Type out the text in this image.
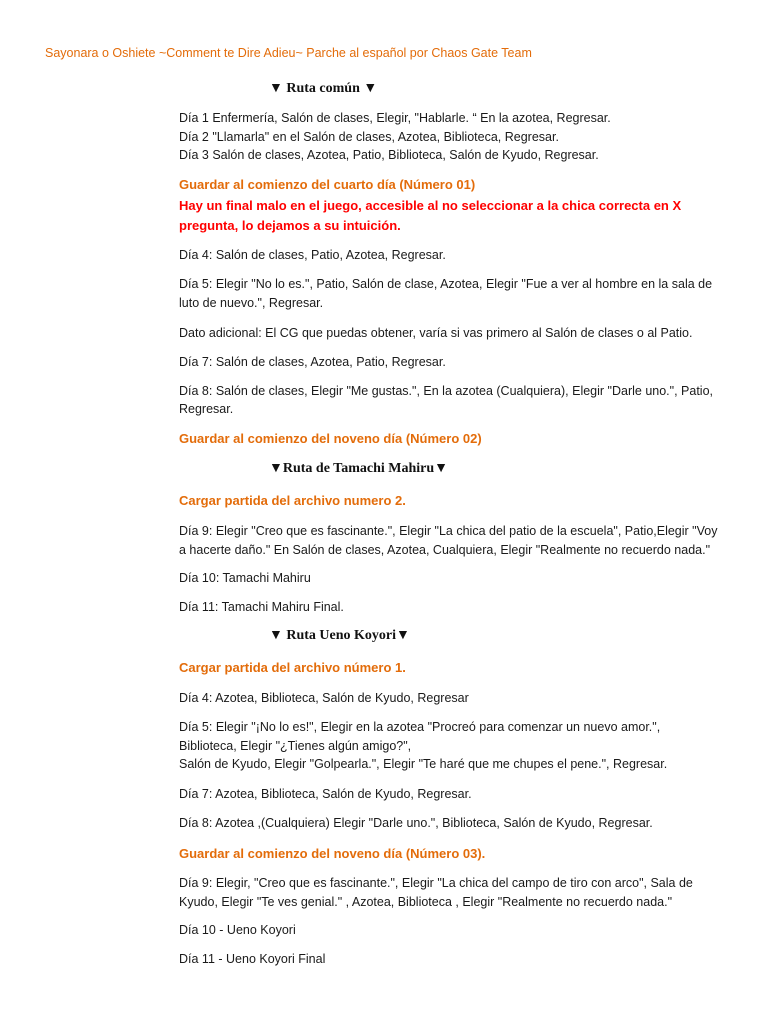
Sayonara o Oshiete ~Comment te Dire Adieu~ Parche al español por Chaos Gate Team
▼ Ruta común ▼
▼Ruta de Tamachi Mahiru▼
▼ Ruta Ueno Koyori▼
Día 1 Enfermería, Salón de clases, Elegir, "Hablarle. “ En la azotea, Regresar.
Día 2 "Llamarla" en el Salón de clases, Azotea, Biblioteca, Regresar.
Día 3 Salón de clases, Azotea, Patio, Biblioteca, Salón de Kyudo, Regresar.
Guardar al comienzo del cuarto día (Número 01)
Hay un final malo en el juego, accesible al no seleccionar a la chica correcta en X
pregunta, lo dejamos a su intuición.
Día 4: Salón de clases, Patio, Azotea, Regresar.
Día 5: Elegir "No lo es.", Patio, Salón de clase, Azotea, Elegir "Fue a ver al hombre en la sala de
luto de nuevo.", Regresar.
Dato adicional: El CG que puedas obtener, varía si vas primero al Salón de clases o al Patio.
Día 7: Salón de clases, Azotea, Patio, Regresar.
Día 8: Salón de clases, Elegir "Me gustas.", En la azotea (Cualquiera), Elegir "Darle uno.", Patio,
Regresar.
Guardar al comienzo del noveno día (Número 02)
Cargar partida del archivo numero 2.
Día 9: Elegir "Creo que es fascinante.", Elegir "La chica del patio de la escuela", Patio,Elegir "Voy
a hacerte daño." En Salón de clases, Azotea, Cualquiera, Elegir "Realmente no recuerdo nada."
Día 10: Tamachi Mahiru
Día 11: Tamachi Mahiru Final.
Cargar partida del archivo número 1.
Día 4: Azotea, Biblioteca, Salón de Kyudo, Regresar
Día 5: Elegir "¡No lo es!", Elegir en la azotea "Procreó para comenzar un nuevo amor.",
Biblioteca, Elegir "¿Tienes algún amigo?",
Salón de Kyudo, Elegir "Golpearla.", Elegir "Te haré que me chupes el pene.", Regresar.
Día 7: Azotea, Biblioteca, Salón de Kyudo, Regresar.
Día 8: Azotea ,(Cualquiera) Elegir "Darle uno.", Biblioteca, Salón de Kyudo, Regresar.
Guardar al comienzo del noveno día (Número 03).
Día 9: Elegir, "Creo que es fascinante.", Elegir "La chica del campo de tiro con arco", Sala de
Kyudo, Elegir "Te ves genial." , Azotea, Biblioteca , Elegir "Realmente no recuerdo nada."
Día 10 - Ueno Koyori
Día 11 - Ueno Koyori Final
